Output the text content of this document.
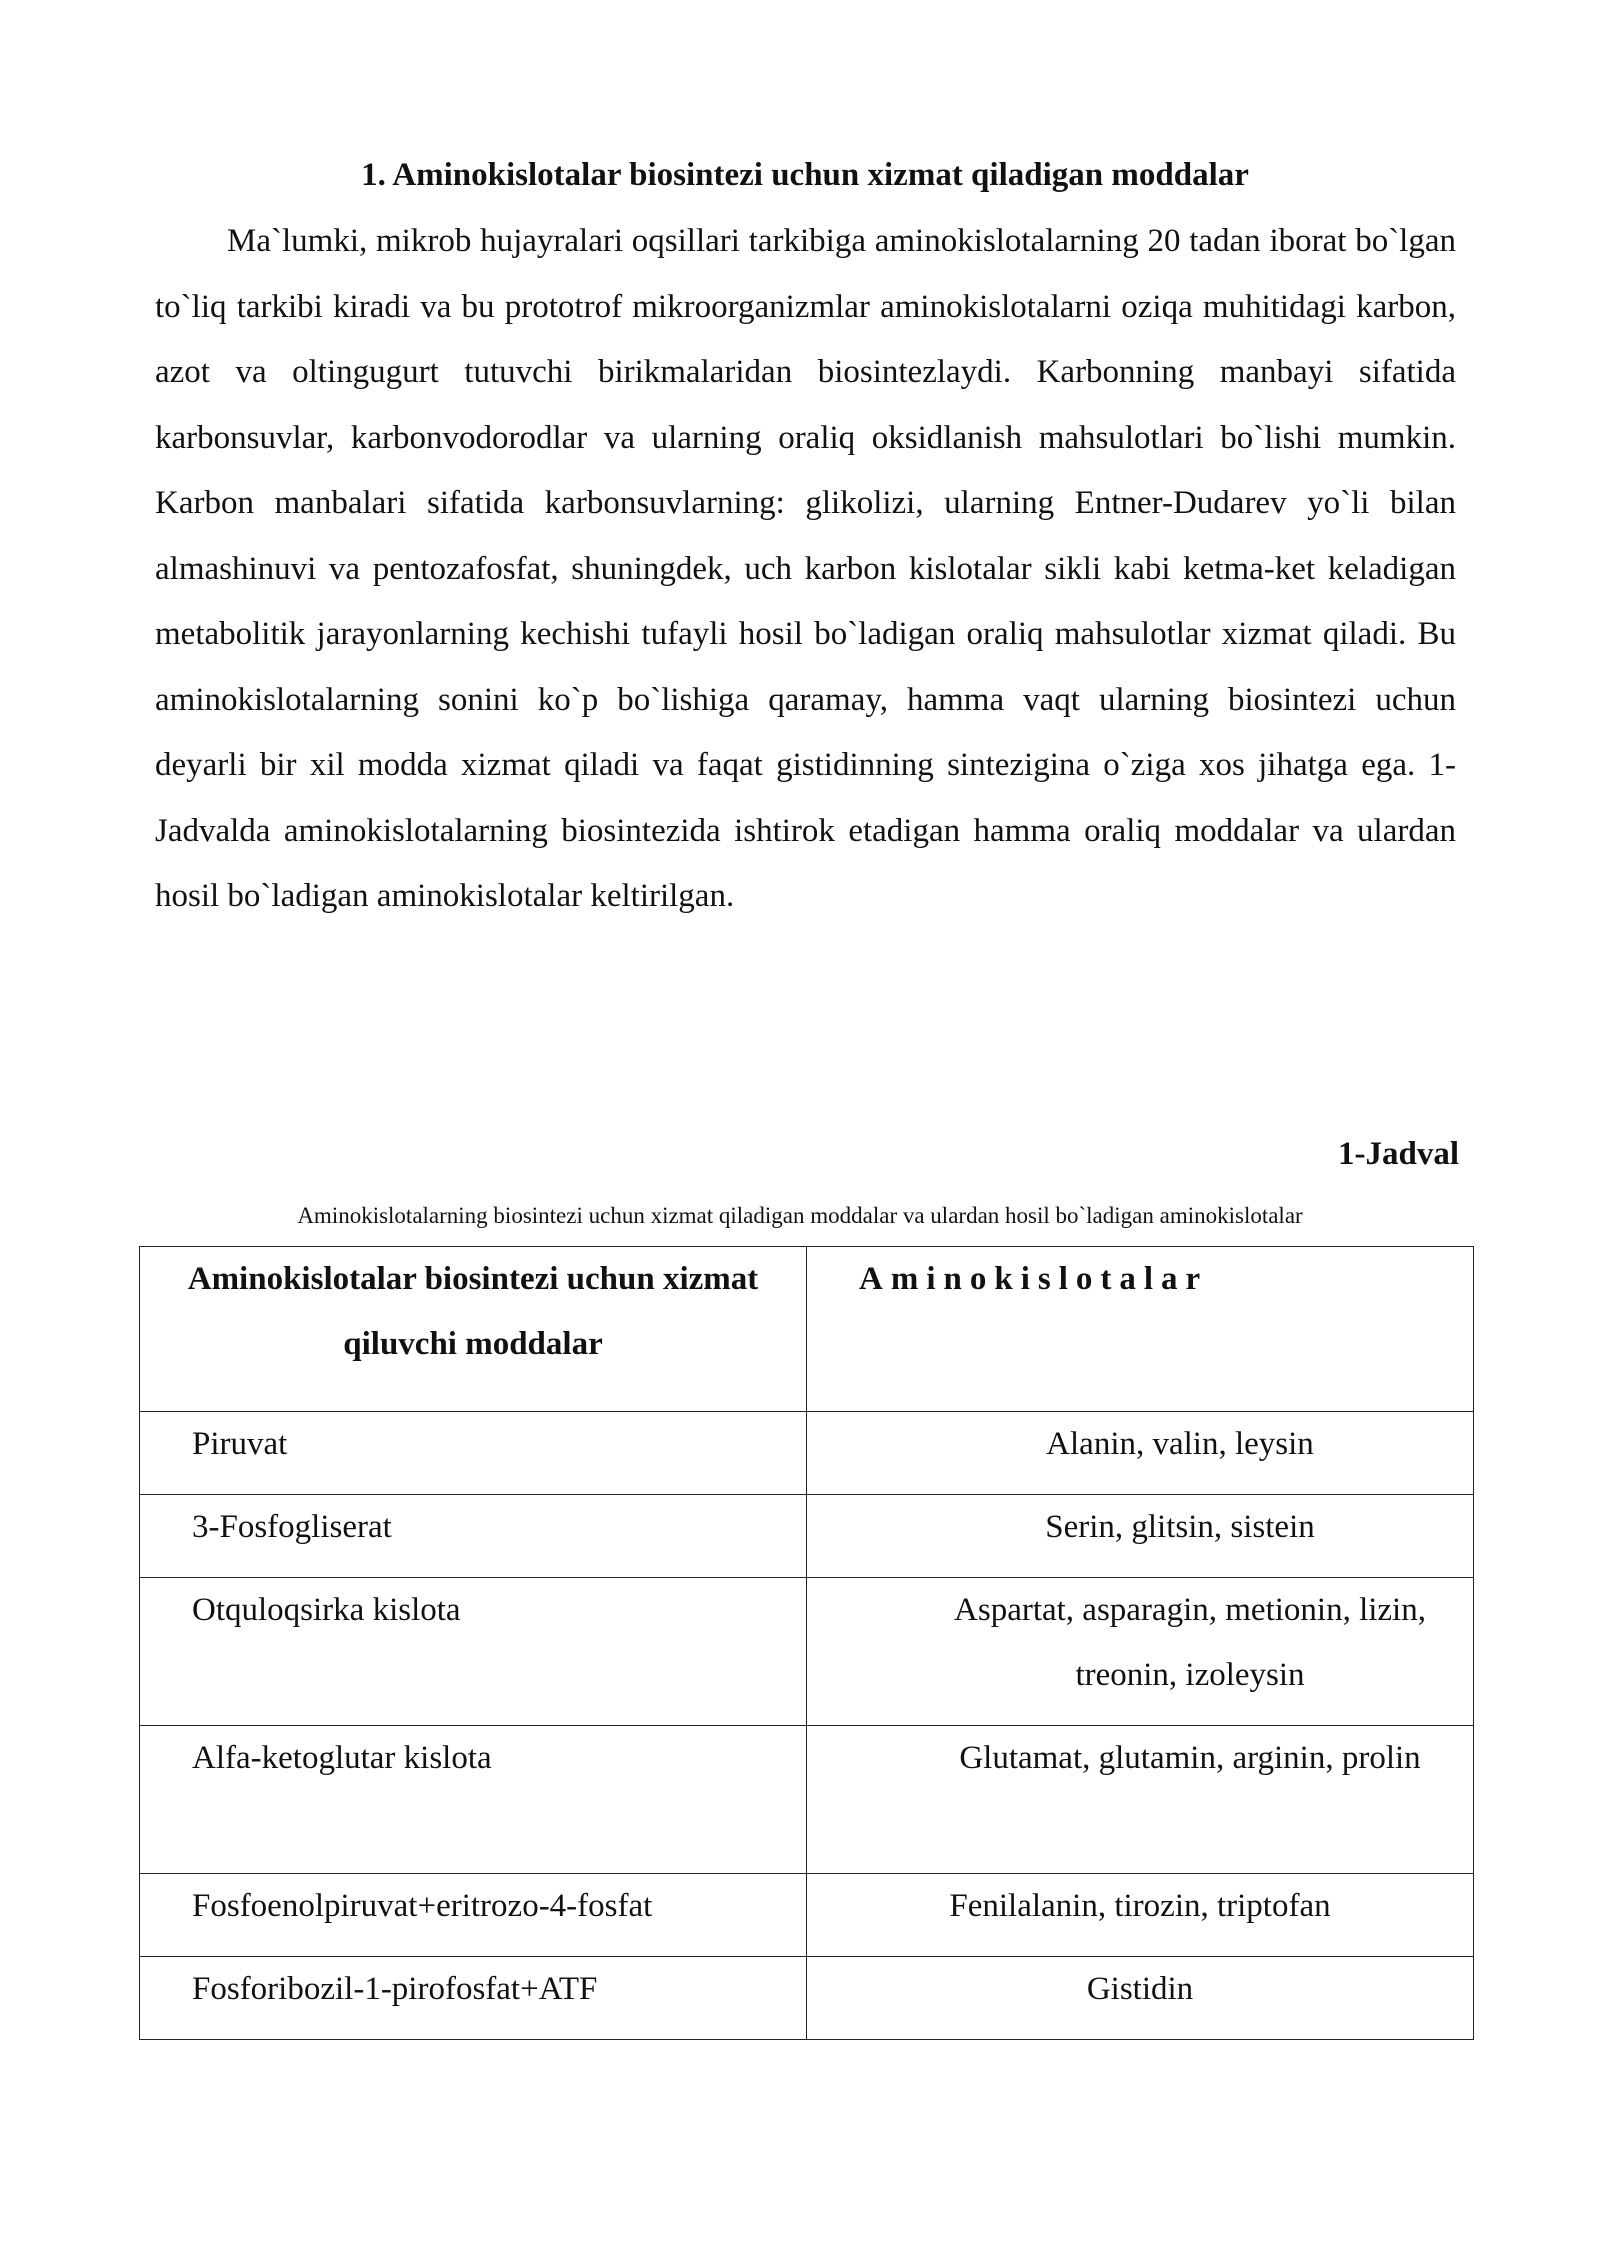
1. Aminokislotalar biosintezi uchun xizmat qiladigan moddalar

Ma`lumki, mikrob hujayralari oqsillari tarkibiga aminokislotalarning 20 tadan iborat bo`lgan to`liq tarkibi kiradi va bu prototrof mikroorganizmlar aminokislotalarni oziqa muhitidagi karbon, azot va oltingugurt tutuvchi birikmalaridan biosintezlaydi. Karbonning manbayi sifatida karbonsuvlar, karbonvodorodlar va ularning oraliq oksidlanish mahsulotlari bo`lishi mumkin. Karbon manbalari sifatida karbonsuvlarning: glikolizi, ularning Entner-Dudarev yo`li bilan almashinuvi va pentozafosfat, shuningdek, uch karbon kislotalar sikli kabi ketma-ket keladigan metabolitik jarayonlarning kechishi tufayli hosil bo`ladigan oraliq mahsulotlar xizmat qiladi. Bu aminokislotalarning sonini ko`p bo`lishiga qaramay, hamma vaqt ularning biosintezi uchun deyarli bir xil modda xizmat qiladi va faqat gistidinning sintezigina o`ziga xos jihatga ega. 1-Jadvalda aminokislotalarning biosintezida ishtirok etadigan hamma oraliq moddalar va ulardan hosil bo`ladigan aminokislotalar keltirilgan.

1-Jadval

Aminokislotalarning biosintezi uchun xizmat qiladigan moddalar va ulardan hosil bo`ladigan aminokislotalar

Aminokislotalar biosintezi uchun xizmat qiluvchi moddalar	Aminokislotalar
Piruvat	Alanin, valin, leysin
3-Fosfogliserat	Serin, glitsin, sistein
Otquloqsirka kislota	Aspartat, asparagin, metionin, lizin, treonin, izoleysin
Alfa-ketoglutar kislota	Glutamat, glutamin, arginin, prolin
Fosfoenolpiruvat+eritrozo-4-fosfat	Fenilalanin, tirozin, triptofan
Fosforibozil-1-pirofosfat+ATF	Gistidin
